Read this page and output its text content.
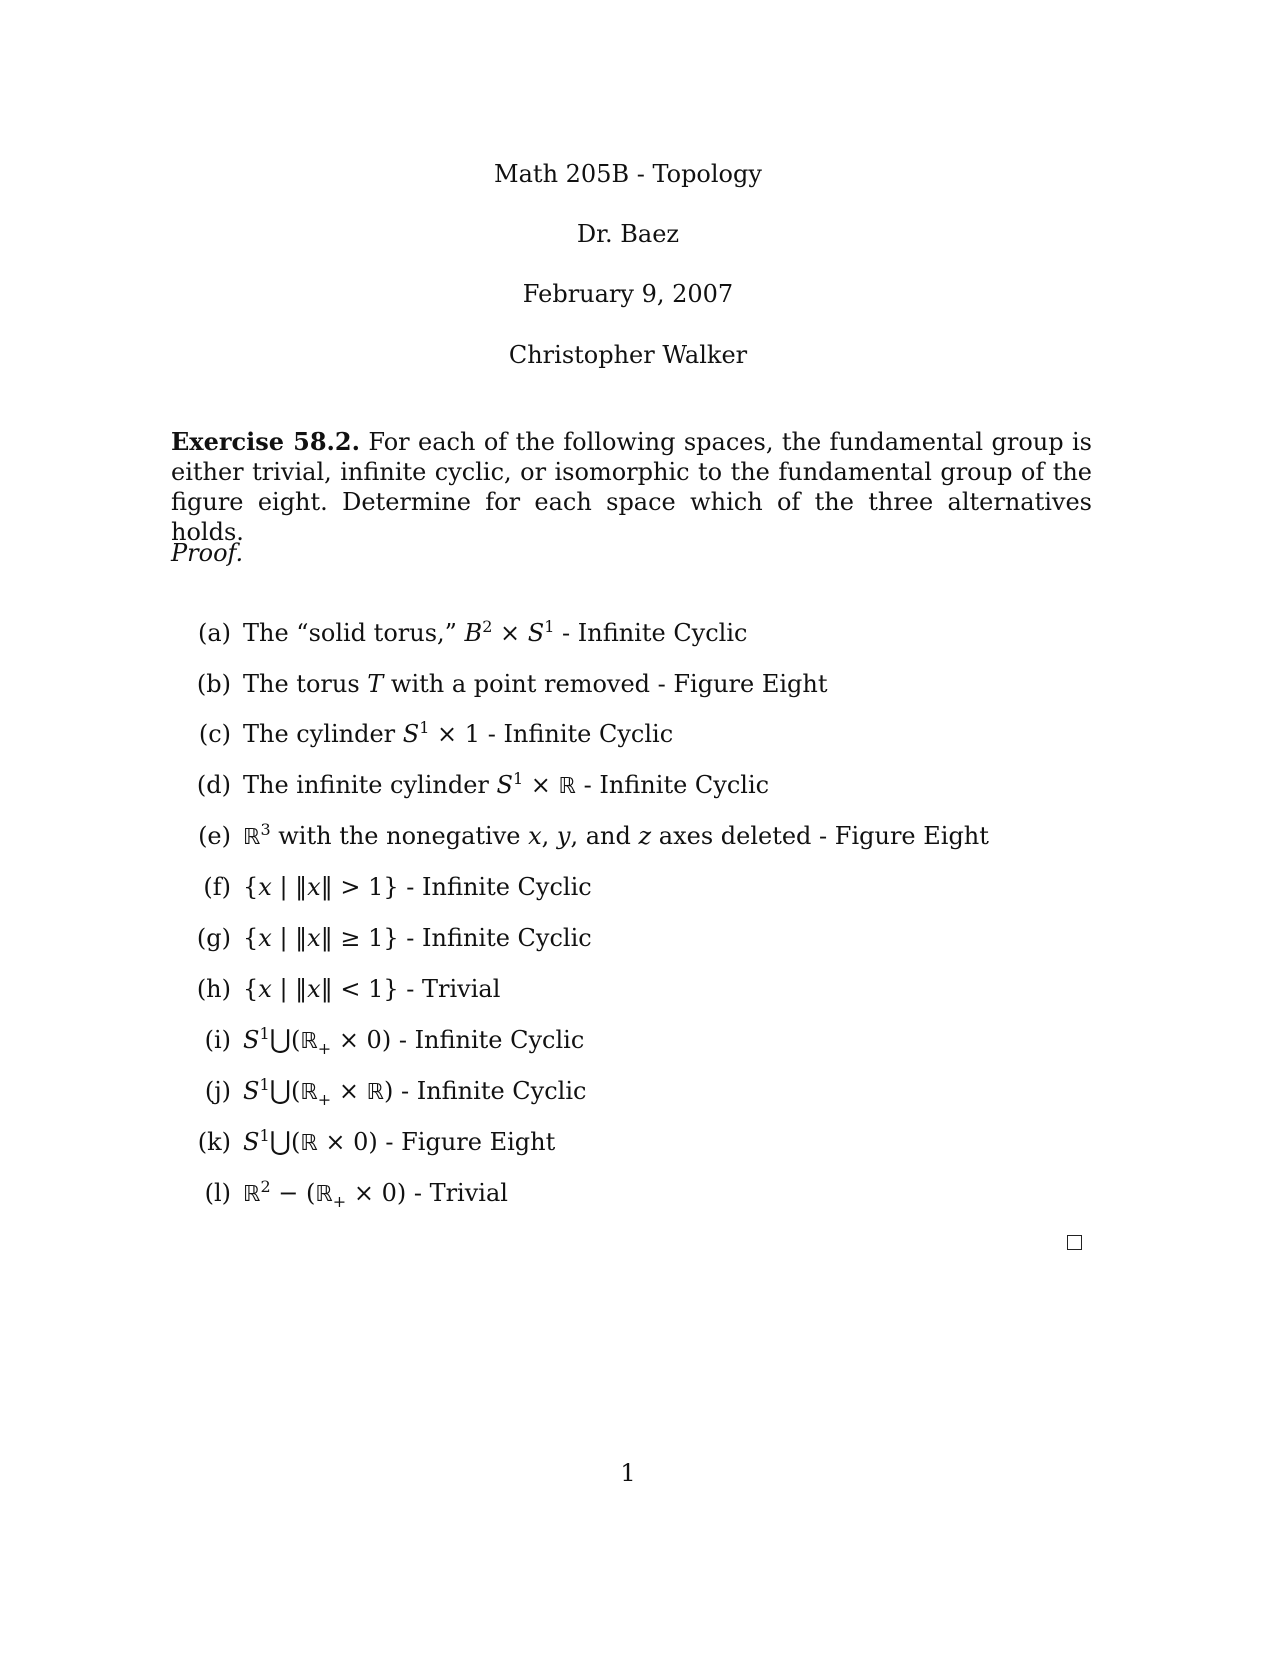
Math 205B - Topology
Dr. Baez
February 9, 2007
Christopher Walker
Exercise 58.2. For each of the following spaces, the fundamental group is either trivial, infinite cyclic, or isomorphic to the fundamental group of the figure eight. Determine for each space which of the three alternatives holds.
Proof.
(a) The “solid torus,” $B^2 \times S^1$ - Infinite Cyclic
(b) The torus T with a point removed - Figure Eight
(c) The cylinder $S^1 \times 1$ - Infinite Cyclic
(d) The infinite cylinder $S^1$ × ℝ - Infinite Cyclic
(e) ℝ$^3$ with the nonegative x, y, and z axes deleted - Figure Eight
(f) {x | ‖x‖ > 1} - Infinite Cyclic
(g) {x | ‖x‖ ≥ 1} - Infinite Cyclic
(h) {x | ‖x‖ < 1} - Trivial
(i) $S^1⋃(ℝ_+ \times 0)$ - Infinite Cyclic
(j) $S^1⋃(ℝ_+$ × ℝ) - Infinite Cyclic
(k) $S^1⋃(ℝ \times 0)$ - Figure Eight
(l) ℝ$^2$ − (ℝ$_+$ × 0) - Trivial
1
